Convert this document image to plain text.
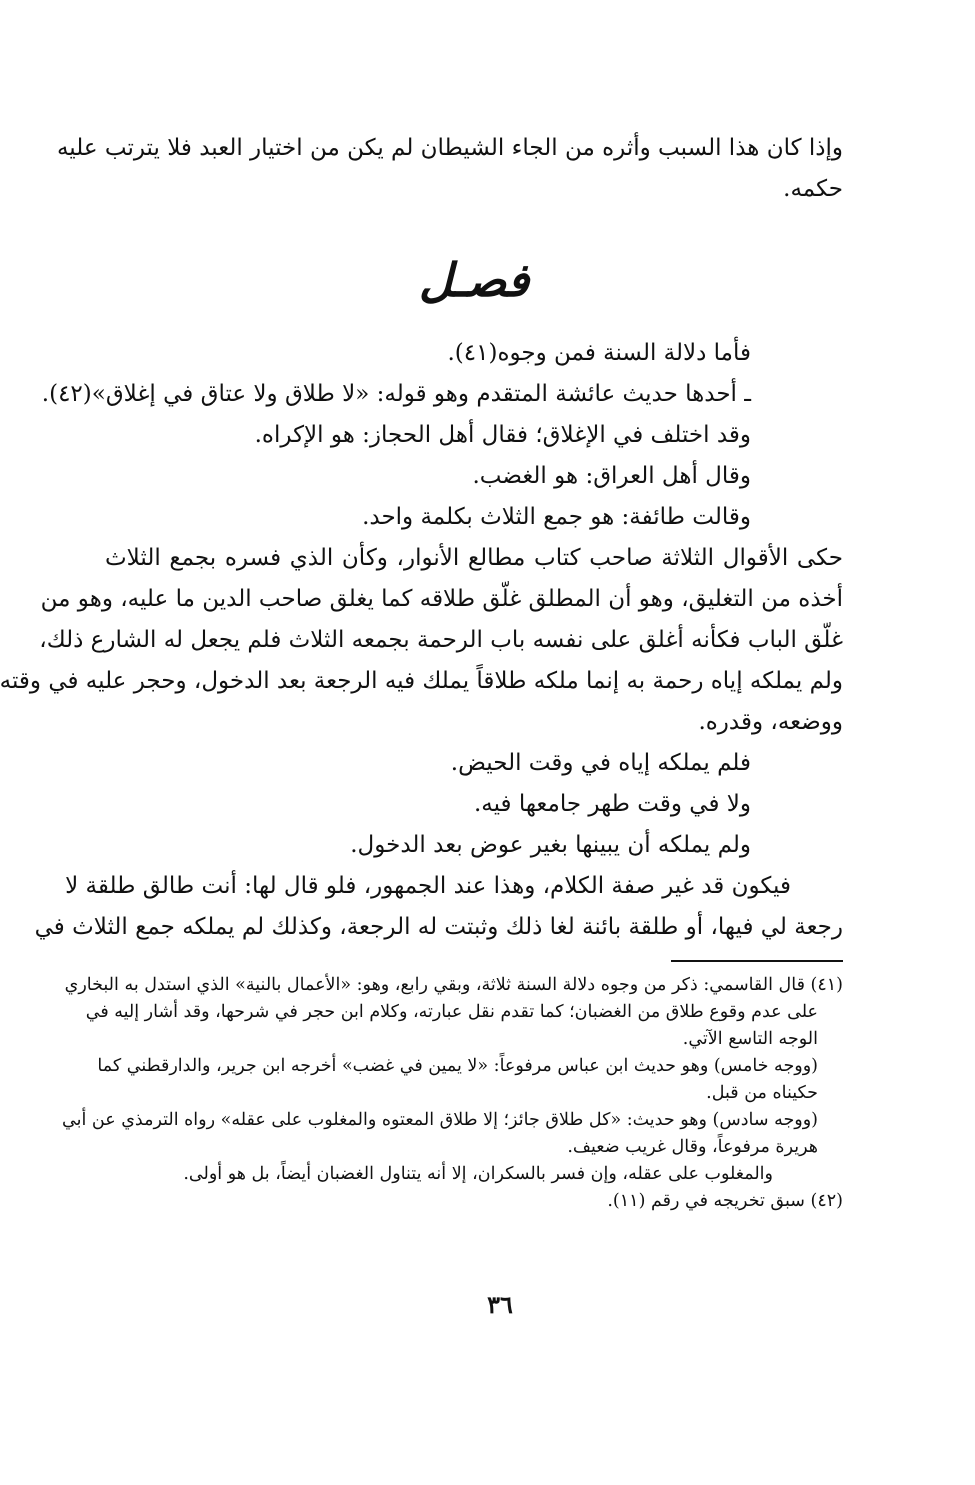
وإذا كان هذا السبب وأثره من الجاء الشيطان لم يكن من اختيار العبد فلا يترتب عليه

حكمه.

فصـل

فأما دلالة السنة فمن وجوه(٤١).

ـ أحدها حديث عائشة المتقدم وهو قوله: «لا طلاق ولا عتاق في إغلاق»(٤٢).

وقد اختلف في الإغلاق؛ فقال أهل الحجاز: هو الإكراه.

وقال أهل العراق: هو الغضب.

وقالت طائفة: هو جمع الثلاث بكلمة واحد.

حكى الأقوال الثلاثة صاحب كتاب مطالع الأنوار، وكأن الذي فسره بجمع الثلاث

أخذه من التغليق، وهو أن المطلق غلّق طلاقه كما يغلق صاحب الدين ما عليه، وهو من

غلّق الباب فكأنه أغلق على نفسه باب الرحمة بجمعه الثلاث فلم يجعل له الشارع ذلك،

ولم يملكه إياه رحمة به إنما ملكه طلاقاً يملك فيه الرجعة بعد الدخول، وحجر عليه في وقته

ووضعه، وقدره.

فلم يملكه إياه في وقت الحيض.

ولا في وقت طهر جامعها فيه.

ولم يملكه أن يبينها بغير عوض بعد الدخول.

فيكون قد غير صفة الكلام، وهذا عند الجمهور، فلو قال لها: أنت طالق طلقة لا

رجعة لي فيها، أو طلقة بائنة لغا ذلك وثبتت له الرجعة، وكذلك لم يملكه جمع الثلاث في

(٤١) قال القاسمي: ذكر من وجوه دلالة السنة ثلاثة، وبقي رابع، وهو: «الأعمال بالنية» الذي استدل به البخاري

على عدم وقوع طلاق من الغضبان؛ كما تقدم نقل عبارته، وكلام ابن حجر في شرحها، وقد أشار إليه في

الوجه التاسع الآتي.

(ووجه خامس) وهو حديث ابن عباس مرفوعاً: «لا يمين في غضب» أخرجه ابن جرير، والدارقطني كما

حكيناه من قبل.

(ووجه سادس) وهو حديث: «كل طلاق جائز؛ إلا طلاق المعتوه والمغلوب على عقله» رواه الترمذي عن أبي

هريرة مرفوعاً، وقال غريب ضعيف.

والمغلوب على عقله، وإن فسر بالسكران، إلا أنه يتناول الغضبان أيضاً، بل هو أولى.

(٤٢) سبق تخريجه في رقم (١١).

٣٦
